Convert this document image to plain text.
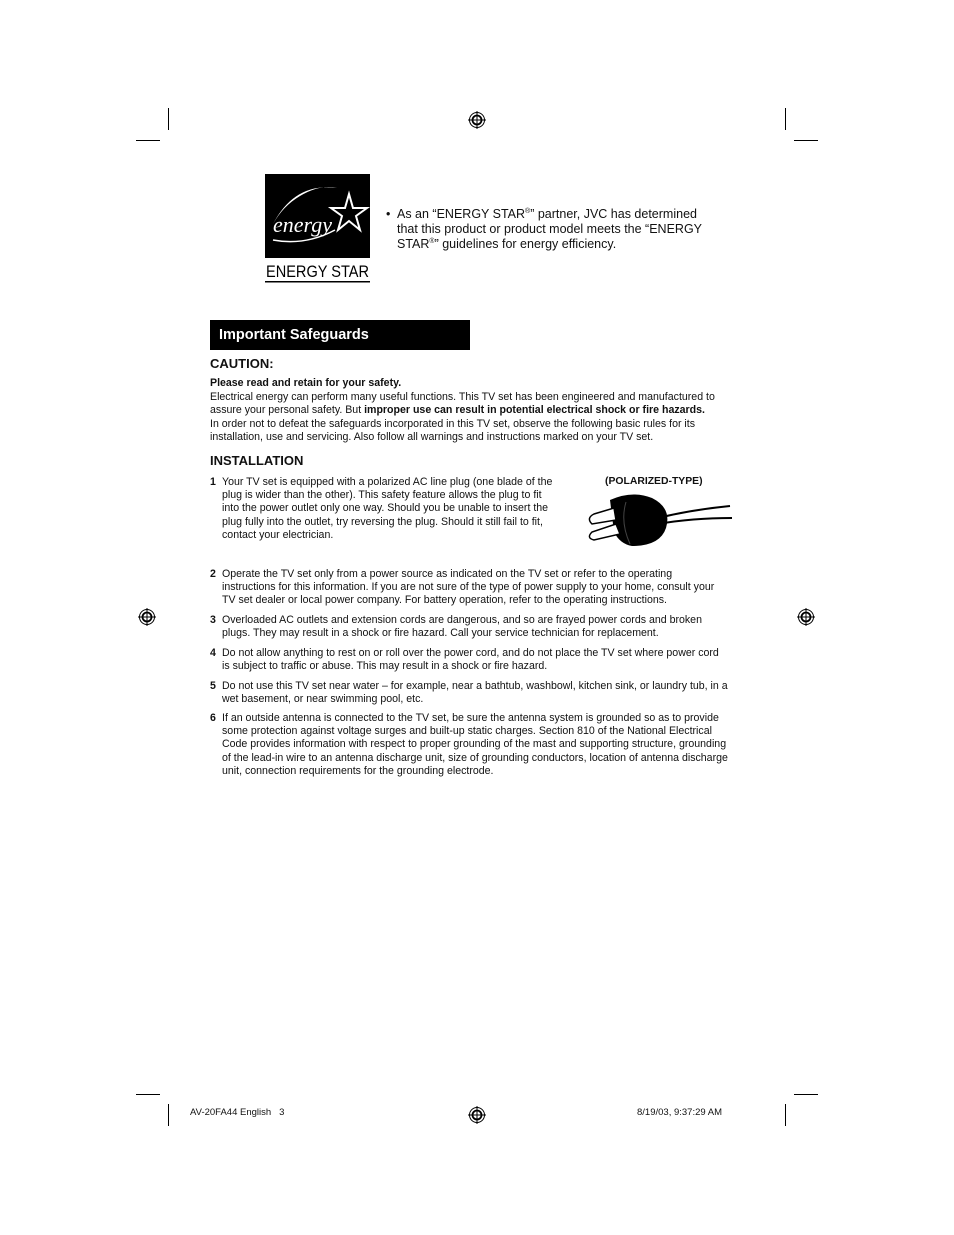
energy
ENERGY STAR
• As an “ENERGY STAR®” partner, JVC has determined
that this product or product model meets the “ENERGY
STAR®” guidelines for energy efficiency.
Important Safeguards
CAUTION:
Please read and retain for your safety.
Electrical energy can perform many useful functions. This TV set has been engineered and manufactured to
assure your personal safety. But improper use can result in potential electrical shock or fire hazards.
In order not to defeat the safeguards incorporated in this TV set, observe the following basic rules for its
installation, use and servicing. Also follow all warnings and instructions marked on your TV set.
INSTALLATION
1 Your TV set is equipped with a polarized AC line plug (one blade of the
plug is wider than the other). This safety feature allows the plug to fit
into the power outlet only one way. Should you be unable to insert the
plug fully into the outlet, try reversing the plug. Should it still fail to fit,
contact your electrician.
(POLARIZED-TYPE)
2 Operate the TV set only from a power source as indicated on the TV set or refer to the operating
instructions for this information. If you are not sure of the type of power supply to your home, consult your
TV set dealer or local power company. For battery operation, refer to the operating instructions.
3 Overloaded AC outlets and extension cords are dangerous, and so are frayed power cords and broken
plugs. They may result in a shock or fire hazard. Call your service technician for replacement.
4 Do not allow anything to rest on or roll over the power cord, and do not place the TV set where power cord
is subject to traffic or abuse. This may result in a shock or fire hazard.
5 Do not use this TV set near water – for example, near a bathtub, washbowl, kitchen sink, or laundry tub, in a
wet basement, or near swimming pool, etc.
6 If an outside antenna is connected to the TV set, be sure the antenna system is grounded so as to provide
some protection against voltage surges and built-up static charges. Section 810 of the National Electrical
Code provides information with respect to proper grounding of the mast and supporting structure, grounding
of the lead-in wire to an antenna discharge unit, size of grounding conductors, location of antenna discharge
unit, connection requirements for the grounding electrode.
AV-20FA44 English   3	8/19/03, 9:37:29 AM
